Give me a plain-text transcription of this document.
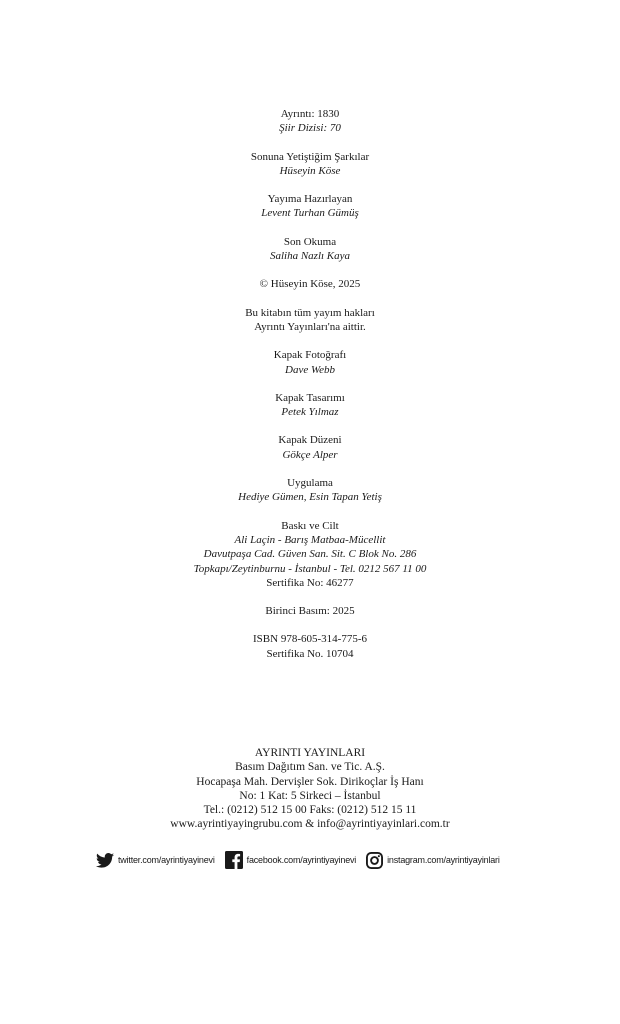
Ayrıntı: 1830
Şiir Dizisi: 70
Sonuna Yetiştiğim Şarkılar
Hüseyin Köse
Yayıma Hazırlayan
Levent Turhan Gümüş
Son Okuma
Saliha Nazlı Kaya
© Hüseyin Köse, 2025
Bu kitabın tüm yayım hakları
Ayrıntı Yayınları'na aittir.
Kapak Fotoğrafı
Dave Webb
Kapak Tasarımı
Petek Yılmaz
Kapak Düzeni
Gökçe Alper
Uygulama
Hediye Gümen, Esin Tapan Yetiş
Baskı ve Cilt
Ali Laçin - Barış Matbaa-Mücellit
Davutpaşa Cad. Güven San. Sit. C Blok No. 286
Topkapı/Zeytinburnu - İstanbul - Tel. 0212 567 11 00
Sertifika No: 46277
Birinci Basım: 2025
ISBN 978-605-314-775-6
Sertifika No. 10704
AYRINTI YAYINLARI
Basım Dağıtım San. ve Tic. A.Ş.
Hocapaşa Mah. Dervişler Sok. Dirikoçlar İş Hanı
No: 1 Kat: 5 Sirkeci – İstanbul
Tel.: (0212) 512 15 00 Faks: (0212) 512 15 11
www.ayrintiyayingrubu.com & info@ayrintiyayinlari.com.tr
twitter.com/ayrintiyayinevi	facebook.com/ayrintiyayinevi	instagram.com/ayrintiyayinlari
